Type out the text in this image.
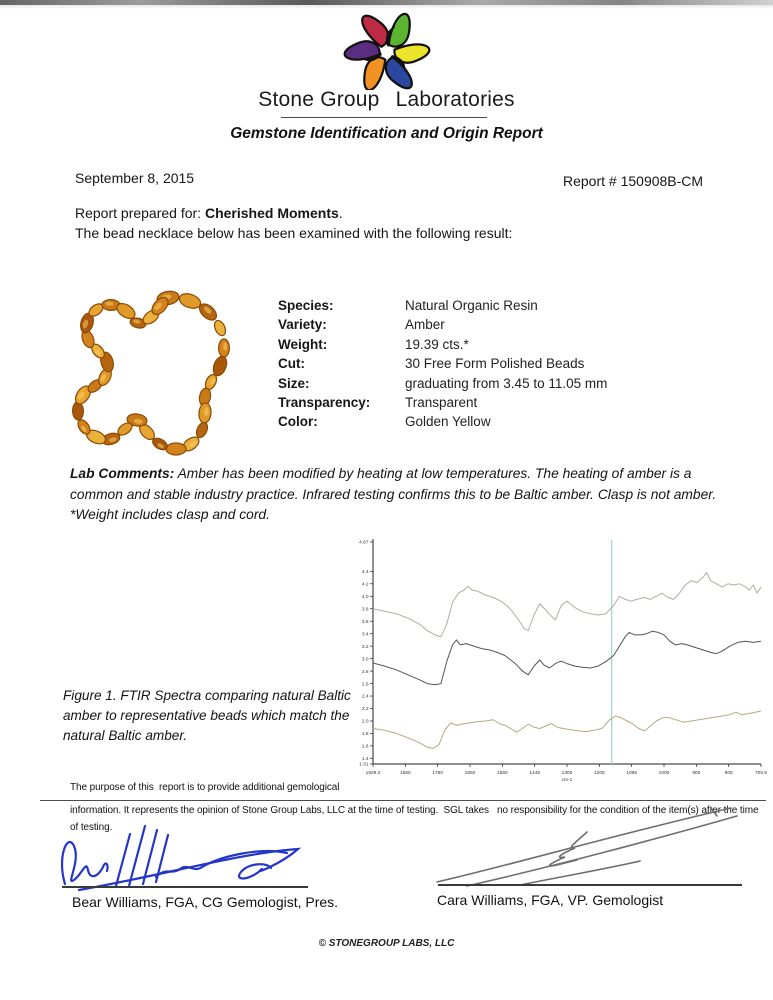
Stone Group Laboratories
Gemstone Identification and Origin Report
September 8, 2015	Report # 150908B-CM
Report prepared for: Cherished Moments.
The bead necklace below has been examined with the following result:
Species:	Natural Organic Resin
Variety:	Amber
Weight:	19.39 cts.*
Cut:	30 Free Form Polished Beads
Size:	graduating from 3.45 to 11.05 mm
Transparency:	Transparent
Color:	Golden Yellow
Lab Comments: Amber has been modified by heating at low temperatures. The heating of amber is a common and stable industry practice. Infrared testing confirms this to be Baltic amber. Clasp is not amber. *Weight includes clasp and cord.
4.87
4.4
4.2
4.0
3.8
3.6
3.4
3.2
3.0
2.8
2.6
2.4
2.2
2.0
1.8
1.6
1.4
1.31
1929.2	1860	1750	1650	1550	1445	1300	1200	1095	1000	900	800	700.5
cm-1
Figure 1. FTIR Spectra comparing natural Baltic amber to representative beads which match the natural Baltic amber.
The purpose of this  report is to provide additional gemological
information. It represents the opinion of Stone Group Labs, LLC at the time of testing.  SGL takes   no responsibility for the condition of the item(s) after the time
of testing.
Bear Williams, FGA, CG Gemologist, Pres.	Cara Williams, FGA, VP. Gemologist
© STONEGROUP LABS, LLC
